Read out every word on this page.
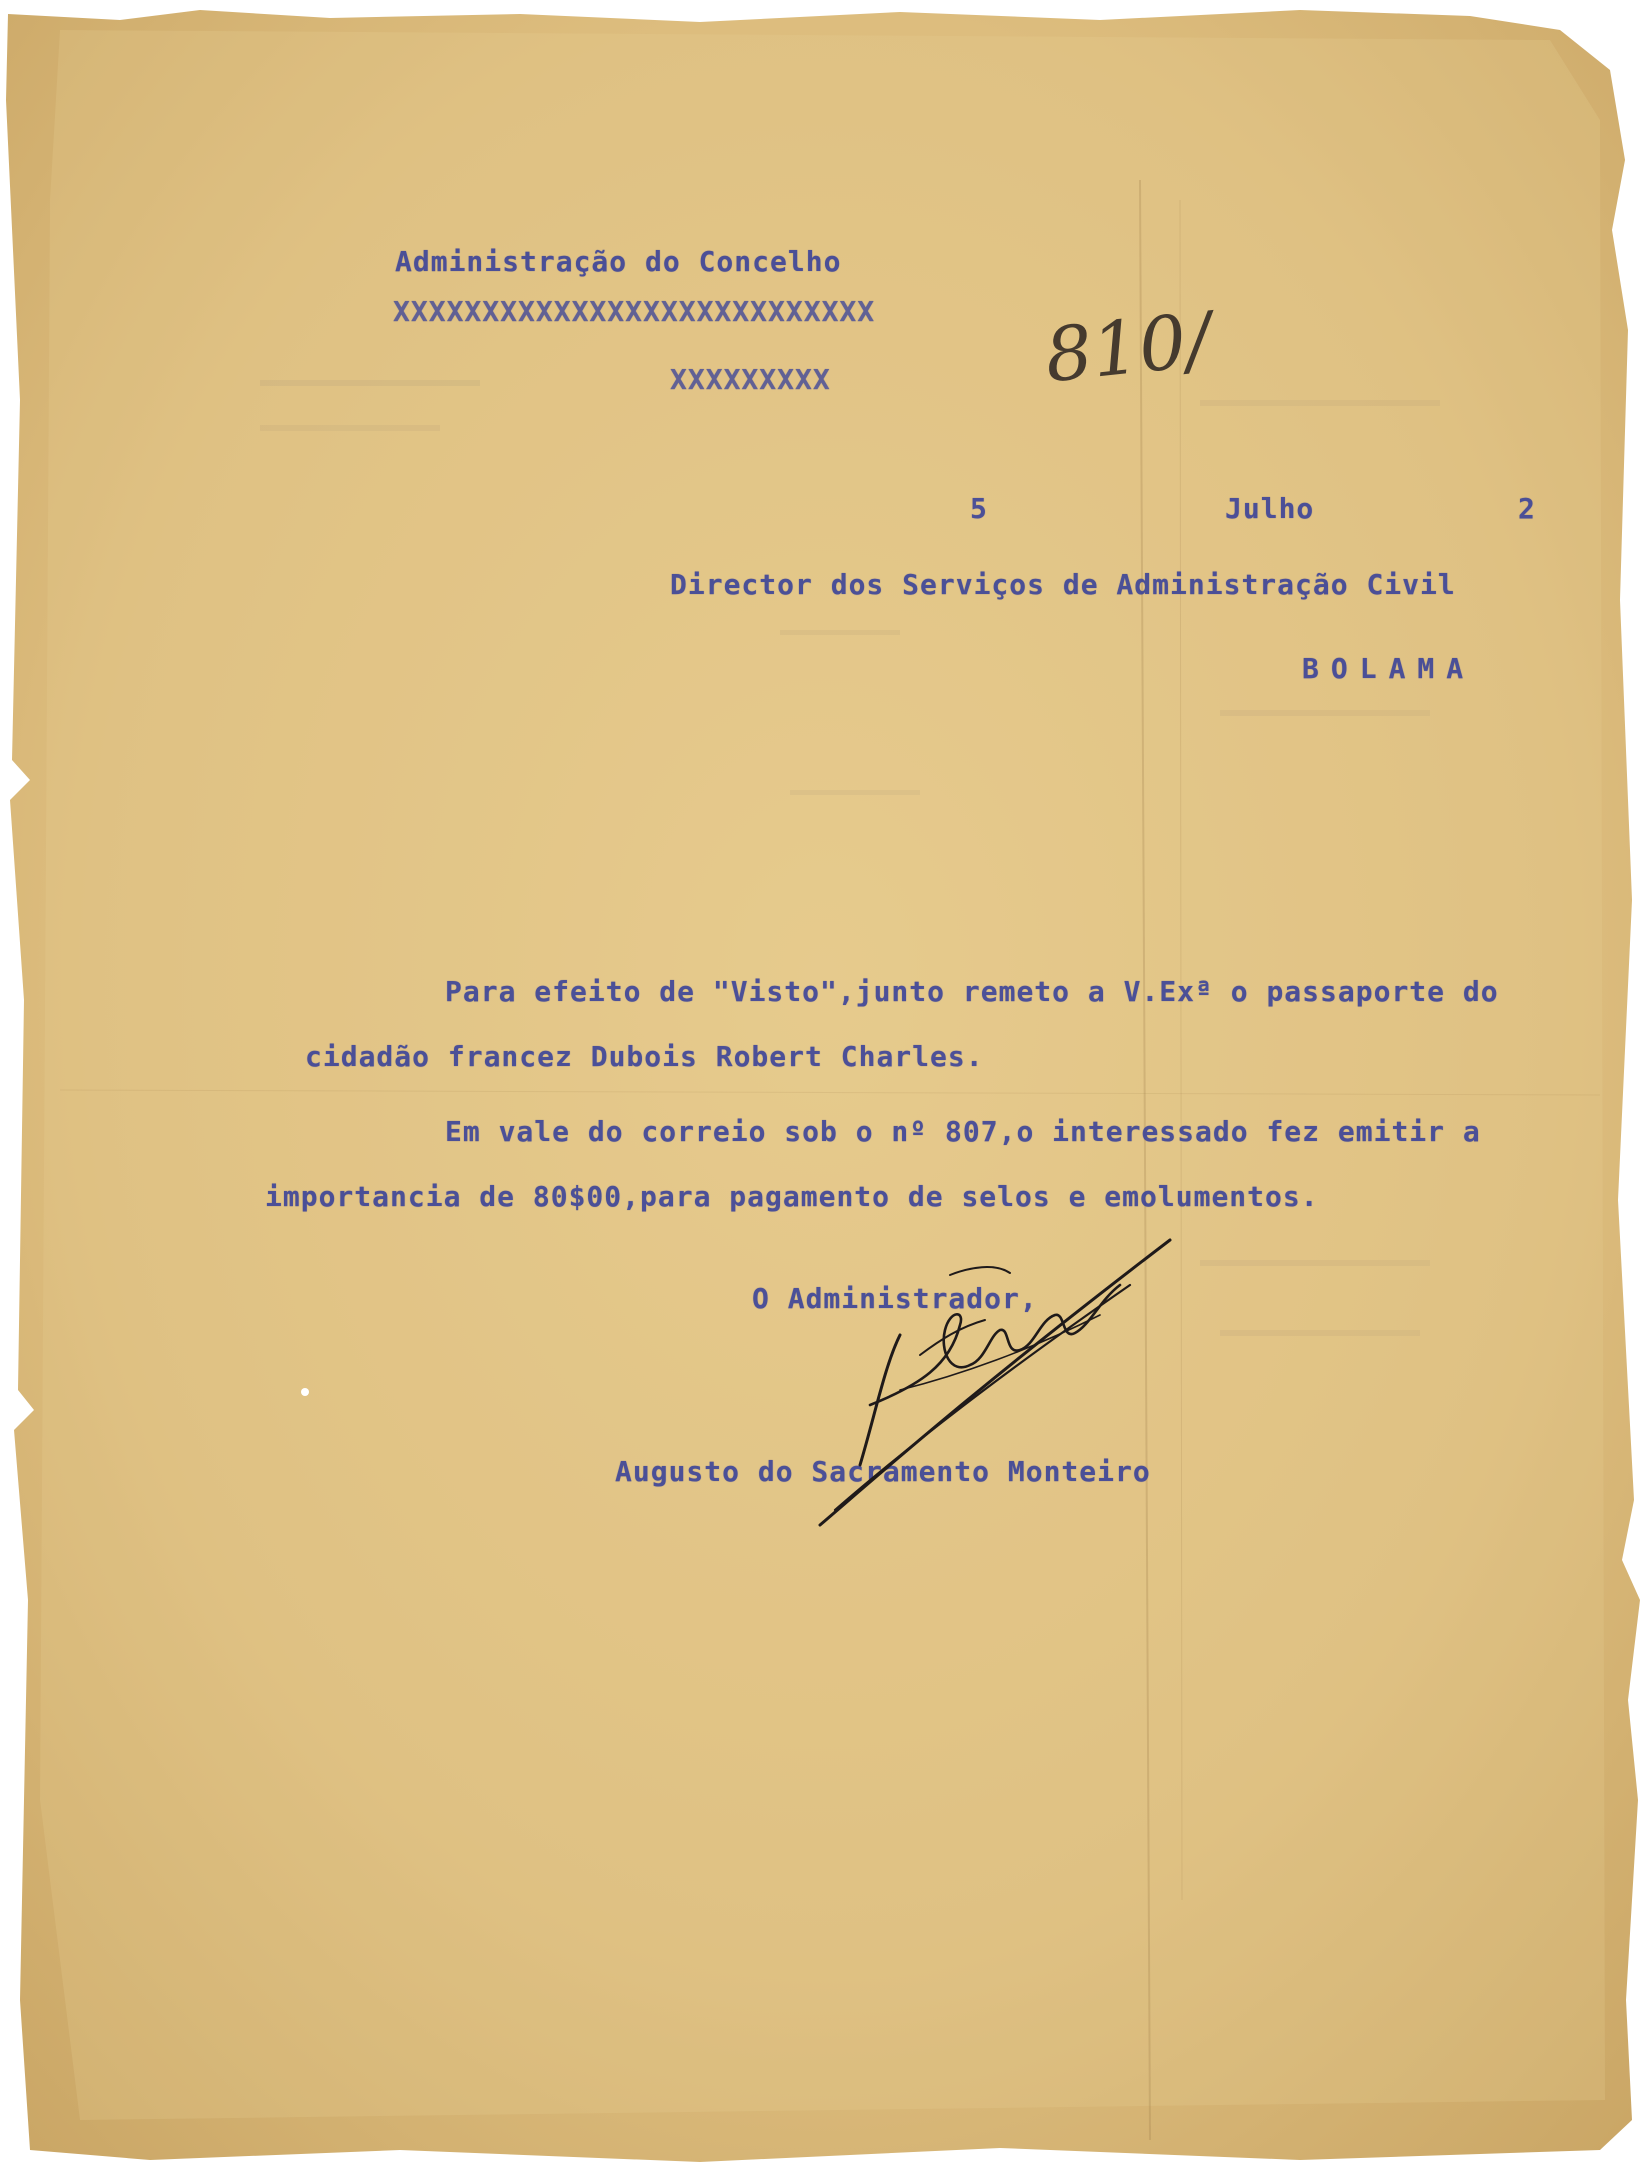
Administração do Concelho
XXXXXXXXXXXXXXXXXXXXXXXXXXX
XXXXXXXXX	810/
5	Julho	2
Director dos Serviços de Administração Civil
BOLAMA
Para efeito de "Visto",junto remeto a V.Exª o passaporte do
cidadão francez Dubois Robert Charles.
Em vale do correio sob o nº 807,o interessado fez emitir a
importancia de 80$00,para pagamento de selos e emolumentos.
O Administrador,
Augusto do Sacramento Monteiro
